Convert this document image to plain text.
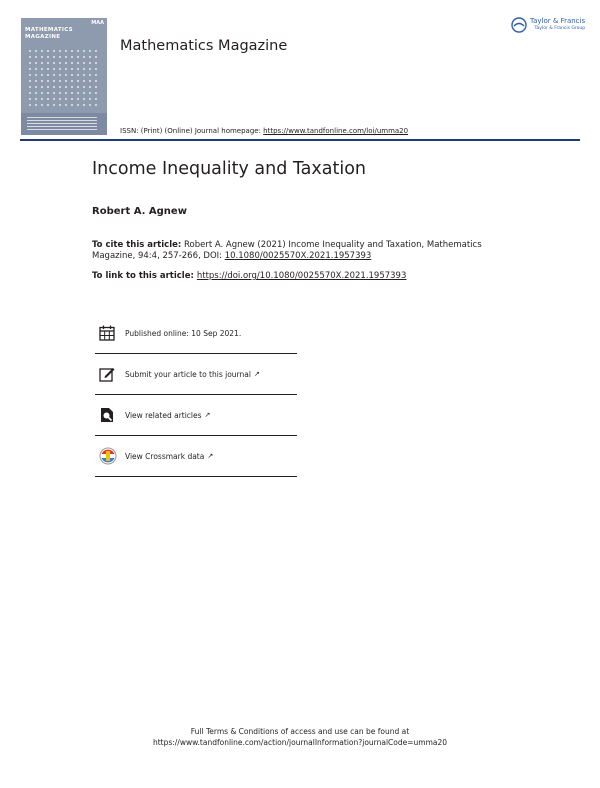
MAA
MATHEMATICS
MAGAZINE
Mathematics Magazine
ISSN: (Print) (Online) Journal homepage: https://www.tandfonline.com/loi/umma20
Taylor & Francis
Taylor & Francis Group
Income Inequality and Taxation
Robert A. Agnew
To cite this article: Robert A. Agnew (2021) Income Inequality and Taxation, Mathematics Magazine, 94:4, 257-266, DOI: 10.1080/0025570X.2021.1957393
To link to this article: https://doi.org/10.1080/0025570X.2021.1957393
Published online: 10 Sep 2021.
Submit your article to this journal ↗
View related articles ↗
View Crossmark data ↗
Full Terms & Conditions of access and use can be found at
https://www.tandfonline.com/action/journalInformation?journalCode=umma20
